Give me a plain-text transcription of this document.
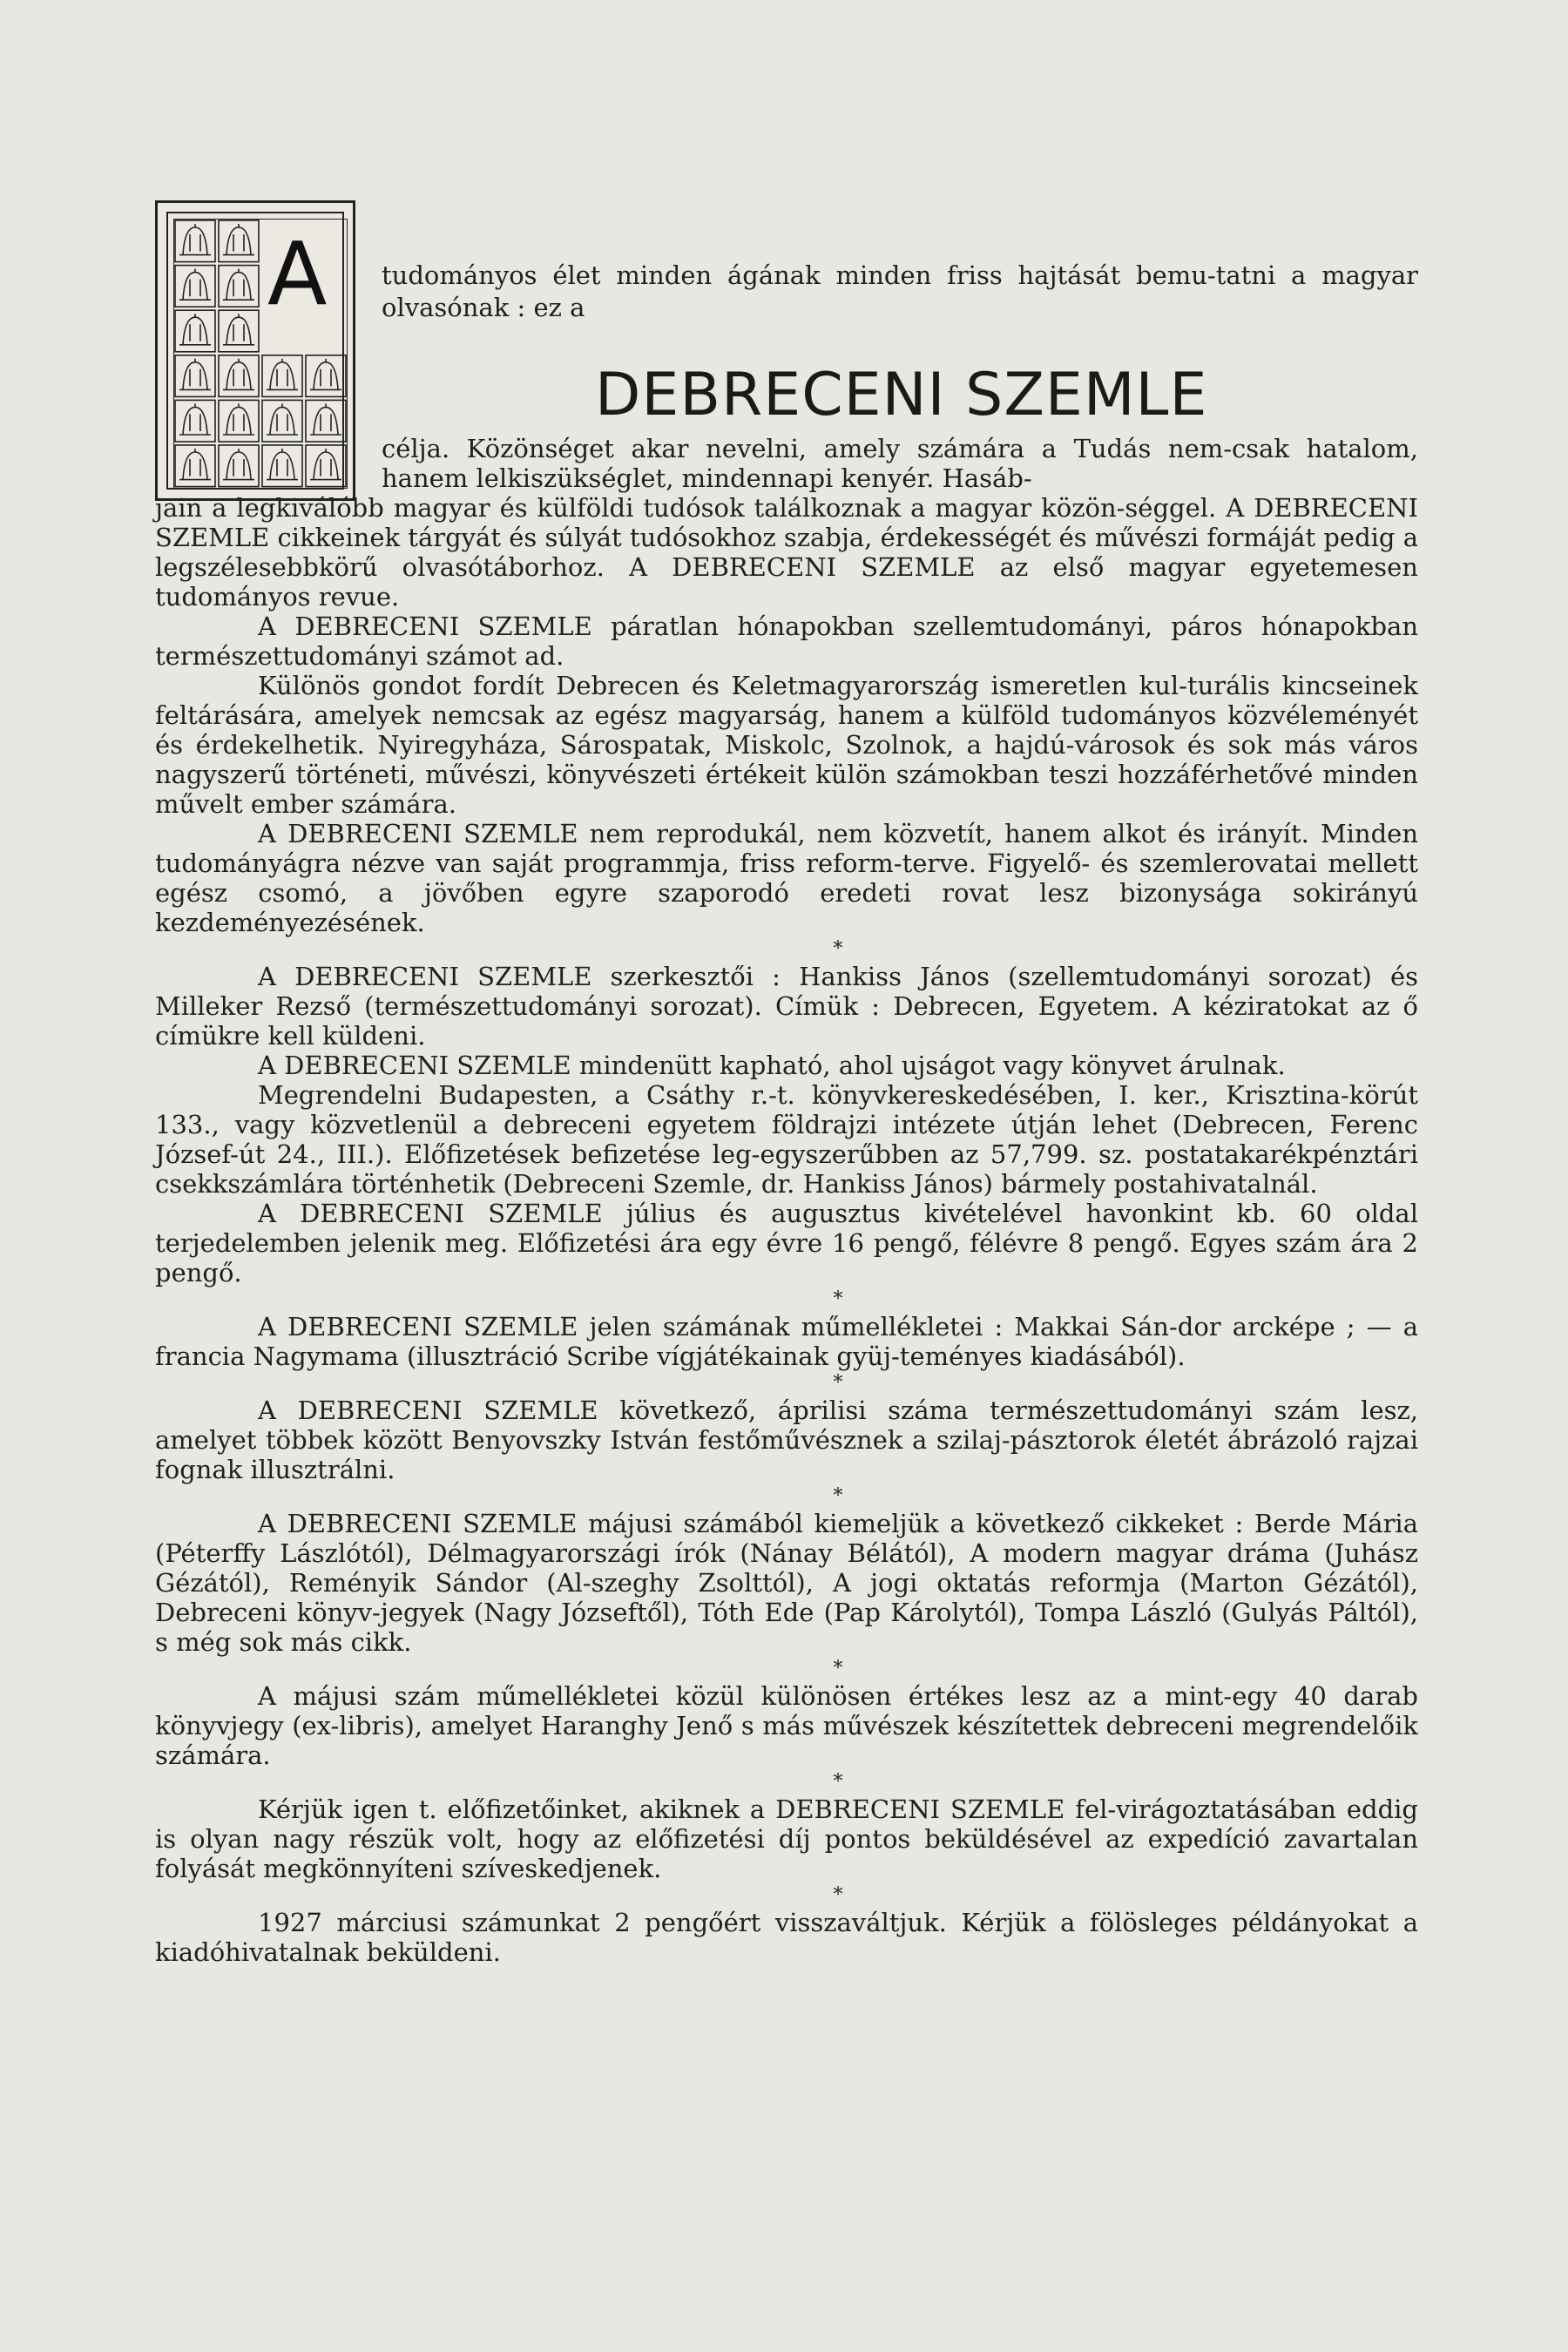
A tudományos élet minden ágának minden friss hajtását bemu-tatni a magyar olvasónak : ez a
DEBRECENI SZEMLE
célja. Közönséget akar nevelni, amely számára a Tudás nem-csak hatalom, hanem lelkiszükséglet, mindennapi kenyér. Hasáb-

jain a legkiválóbb magyar és külföldi tudósok találkoznak a magyar közön-séggel. A DEBRECENI SZEMLE cikkeinek tárgyát és súlyát tudósokhoz szabja, érdekességét és művészi formáját pedig a legszélesebbkörű olvasótáborhoz. A DEBRECENI SZEMLE az első magyar egyetemesen tudományos revue.

A DEBRECENI SZEMLE páratlan hónapokban szellemtudományi, páros hónapokban természettudományi számot ad.

Különös gondot fordít Debrecen és Keletmagyarország ismeretlen kul-turális kincseinek feltárására, amelyek nemcsak az egész magyarság, hanem a külföld tudományos közvéleményét és érdekelhetik. Nyiregyháza, Sárospatak, Miskolc, Szolnok, a hajdú-városok és sok más város nagyszerű történeti, művészi, könyvészeti értékeit külön számokban teszi hozzáférhetővé minden művelt ember számára.

A DEBRECENI SZEMLE nem reprodukál, nem közvetít, hanem alkot és irányít. Minden tudományágra nézve van saját programmja, friss reform-terve. Figyelő- és szemlerovatai mellett egész csomó, a jövőben egyre szaporodó eredeti rovat lesz bizonysága sokirányú kezdeményezésének.

*

A DEBRECENI SZEMLE szerkesztői : Hankiss János (szellemtudományi sorozat) és Milleker Rezső (természettudományi sorozat). Címük : Debrecen, Egyetem. A kéziratokat az ő címükre kell küldeni.

A DEBRECENI SZEMLE mindenütt kapható, ahol ujságot vagy könyvet árulnak.

Megrendelni Budapesten, a Csáthy r.-t. könyvkereskedésében, I. ker., Krisztina-körút 133., vagy közvetlenül a debreceni egyetem földrajzi intézete útján lehet (Debrecen, Ferenc József-út 24., III.). Előfizetések befizetése leg-egyszerűbben az 57,799. sz. postatakarékpénztári csekkszámlára történhetik (Debreceni Szemle, dr. Hankiss János) bármely postahivatalnál.

A DEBRECENI SZEMLE július és augusztus kivételével havonkint kb. 60 oldal terjedelemben jelenik meg. Előfizetési ára egy évre 16 pengő, félévre 8 pengő. Egyes szám ára 2 pengő.

*

A DEBRECENI SZEMLE jelen számának műmellékletei : Makkai Sán-dor arcképe ; — a francia Nagymama (illusztráció Scribe vígjátékainak gyüj-teményes kiadásából).

*

A DEBRECENI SZEMLE következő, áprilisi száma természettudományi szám lesz, amelyet többek között Benyovszky István festőművésznek a szilaj-pásztorok életét ábrázoló rajzai fognak illusztrálni.

*

A DEBRECENI SZEMLE májusi számából kiemeljük a következő cikkeket : Berde Mária (Péterffy Lászlótól), Délmagyarországi írók (Nánay Bélától), A modern magyar dráma (Juhász Gézától), Reményik Sándor (Al-szeghy Zsolttól), A jogi oktatás reformja (Marton Gézától), Debreceni könyv-jegyek (Nagy Józseftől), Tóth Ede (Pap Károlytól), Tompa László (Gulyás Páltól), s még sok más cikk.

*

A májusi szám műmellékletei közül különösen értékes lesz az a mint-egy 40 darab könyvjegy (ex-libris), amelyet Haranghy Jenő s más művészek készítettek debreceni megrendelőik számára.

*

Kérjük igen t. előfizetőinket, akiknek a DEBRECENI SZEMLE fel-virágoztatásában eddig is olyan nagy részük volt, hogy az előfizetési díj pontos beküldésével az expedíció zavartalan folyását megkönnyíteni szíveskedjenek.

*

1927 márciusi számunkat 2 pengőért visszaváltjuk. Kérjük a fölösleges példányokat a kiadóhivatalnak beküldeni.
